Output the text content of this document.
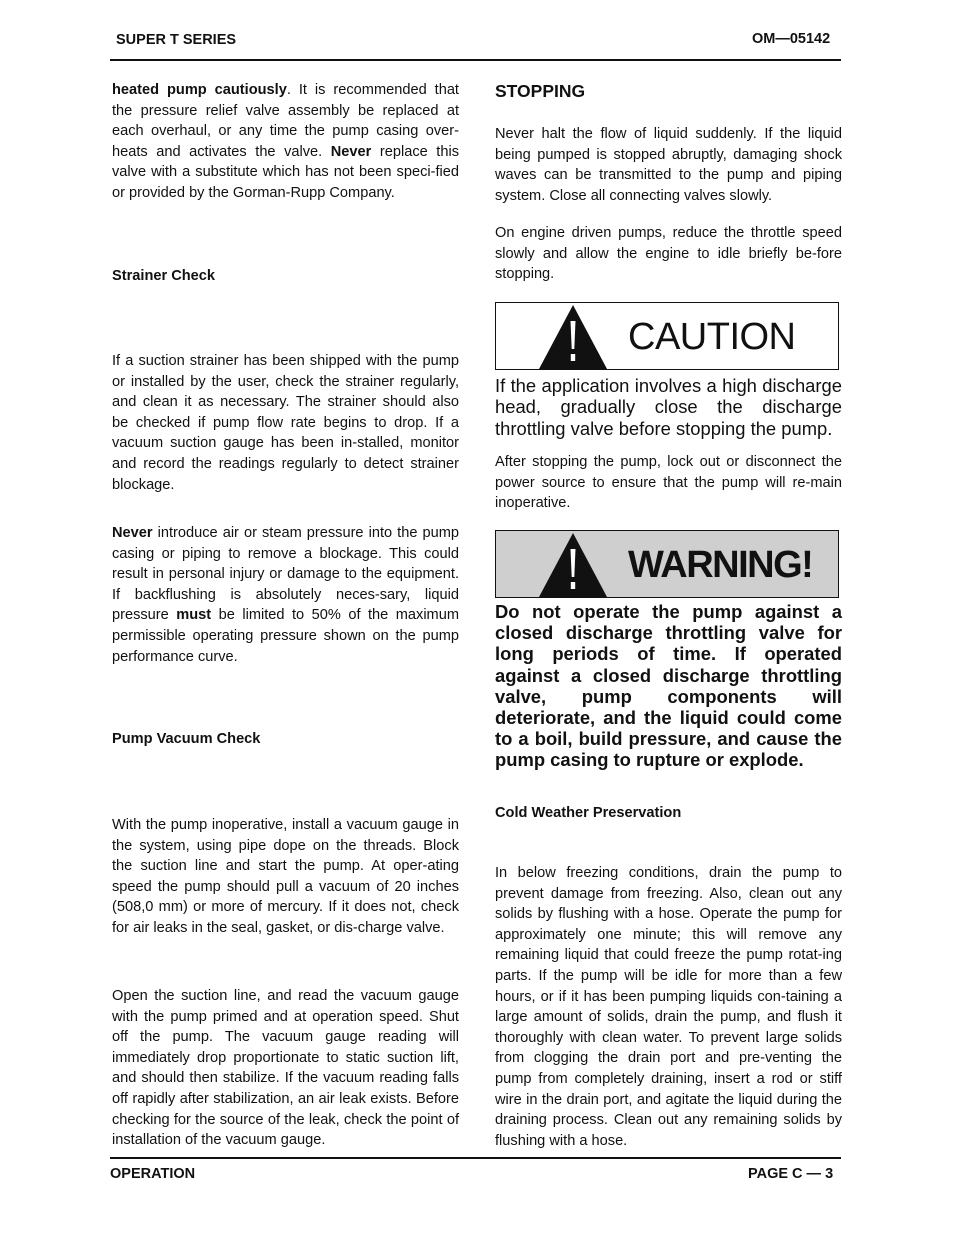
SUPER T SERIES	OM—05142

heated pump cautiously. It is recommended that the pressure relief valve assembly be replaced at each overhaul, or any time the pump casing over-heats and activates the valve. Never replace this valve with a substitute which has not been speci-fied or provided by the Gorman-Rupp Company.

Strainer Check

If a suction strainer has been shipped with the pump or installed by the user, check the strainer regularly, and clean it as necessary. The strainer should also be checked if pump flow rate begins to drop. If a vacuum suction gauge has been in-stalled, monitor and record the readings regularly to detect strainer blockage.

Never introduce air or steam pressure into the pump casing or piping to remove a blockage. This could result in personal injury or damage to the equipment. If backflushing is absolutely neces-sary, liquid pressure must be limited to 50% of the maximum permissible operating pressure shown on the pump performance curve.

Pump Vacuum Check

With the pump inoperative, install a vacuum gauge in the system, using pipe dope on the threads. Block the suction line and start the pump. At oper-ating speed the pump should pull a vacuum of 20 inches (508,0 mm) or more of mercury. If it does not, check for air leaks in the seal, gasket, or dis-charge valve.

Open the suction line, and read the vacuum gauge with the pump primed and at operation speed. Shut off the pump. The vacuum gauge reading will immediately drop proportionate to static suction lift, and should then stabilize. If the vacuum reading falls off rapidly after stabilization, an air leak exists. Before checking for the source of the leak, check the point of installation of the vacuum gauge.

STOPPING

Never halt the flow of liquid suddenly. If the liquid being pumped is stopped abruptly, damaging shock waves can be transmitted to the pump and piping system. Close all connecting valves slowly.

On engine driven pumps, reduce the throttle speed slowly and allow the engine to idle briefly be-fore stopping.

CAUTION

If the application involves a high discharge head, gradually close the discharge throttling valve before stopping the pump.

After stopping the pump, lock out or disconnect the power source to ensure that the pump will re-main inoperative.

WARNING!

Do not operate the pump against a closed discharge throttling valve for long periods of time. If operated against a closed discharge throttling valve, pump components will deteriorate, and the liquid could come to a boil, build pressure, and cause the pump casing to rupture or explode.

Cold Weather Preservation

In below freezing conditions, drain the pump to prevent damage from freezing. Also, clean out any solids by flushing with a hose. Operate the pump for approximately one minute; this will remove any remaining liquid that could freeze the pump rotat-ing parts. If the pump will be idle for more than a few hours, or if it has been pumping liquids con-taining a large amount of solids, drain the pump, and flush it thoroughly with clean water. To prevent large solids from clogging the drain port and pre-venting the pump from completely draining, insert a rod or stiff wire in the drain port, and agitate the liquid during the draining process. Clean out any remaining solids by flushing with a hose.

OPERATION	PAGE C — 3
